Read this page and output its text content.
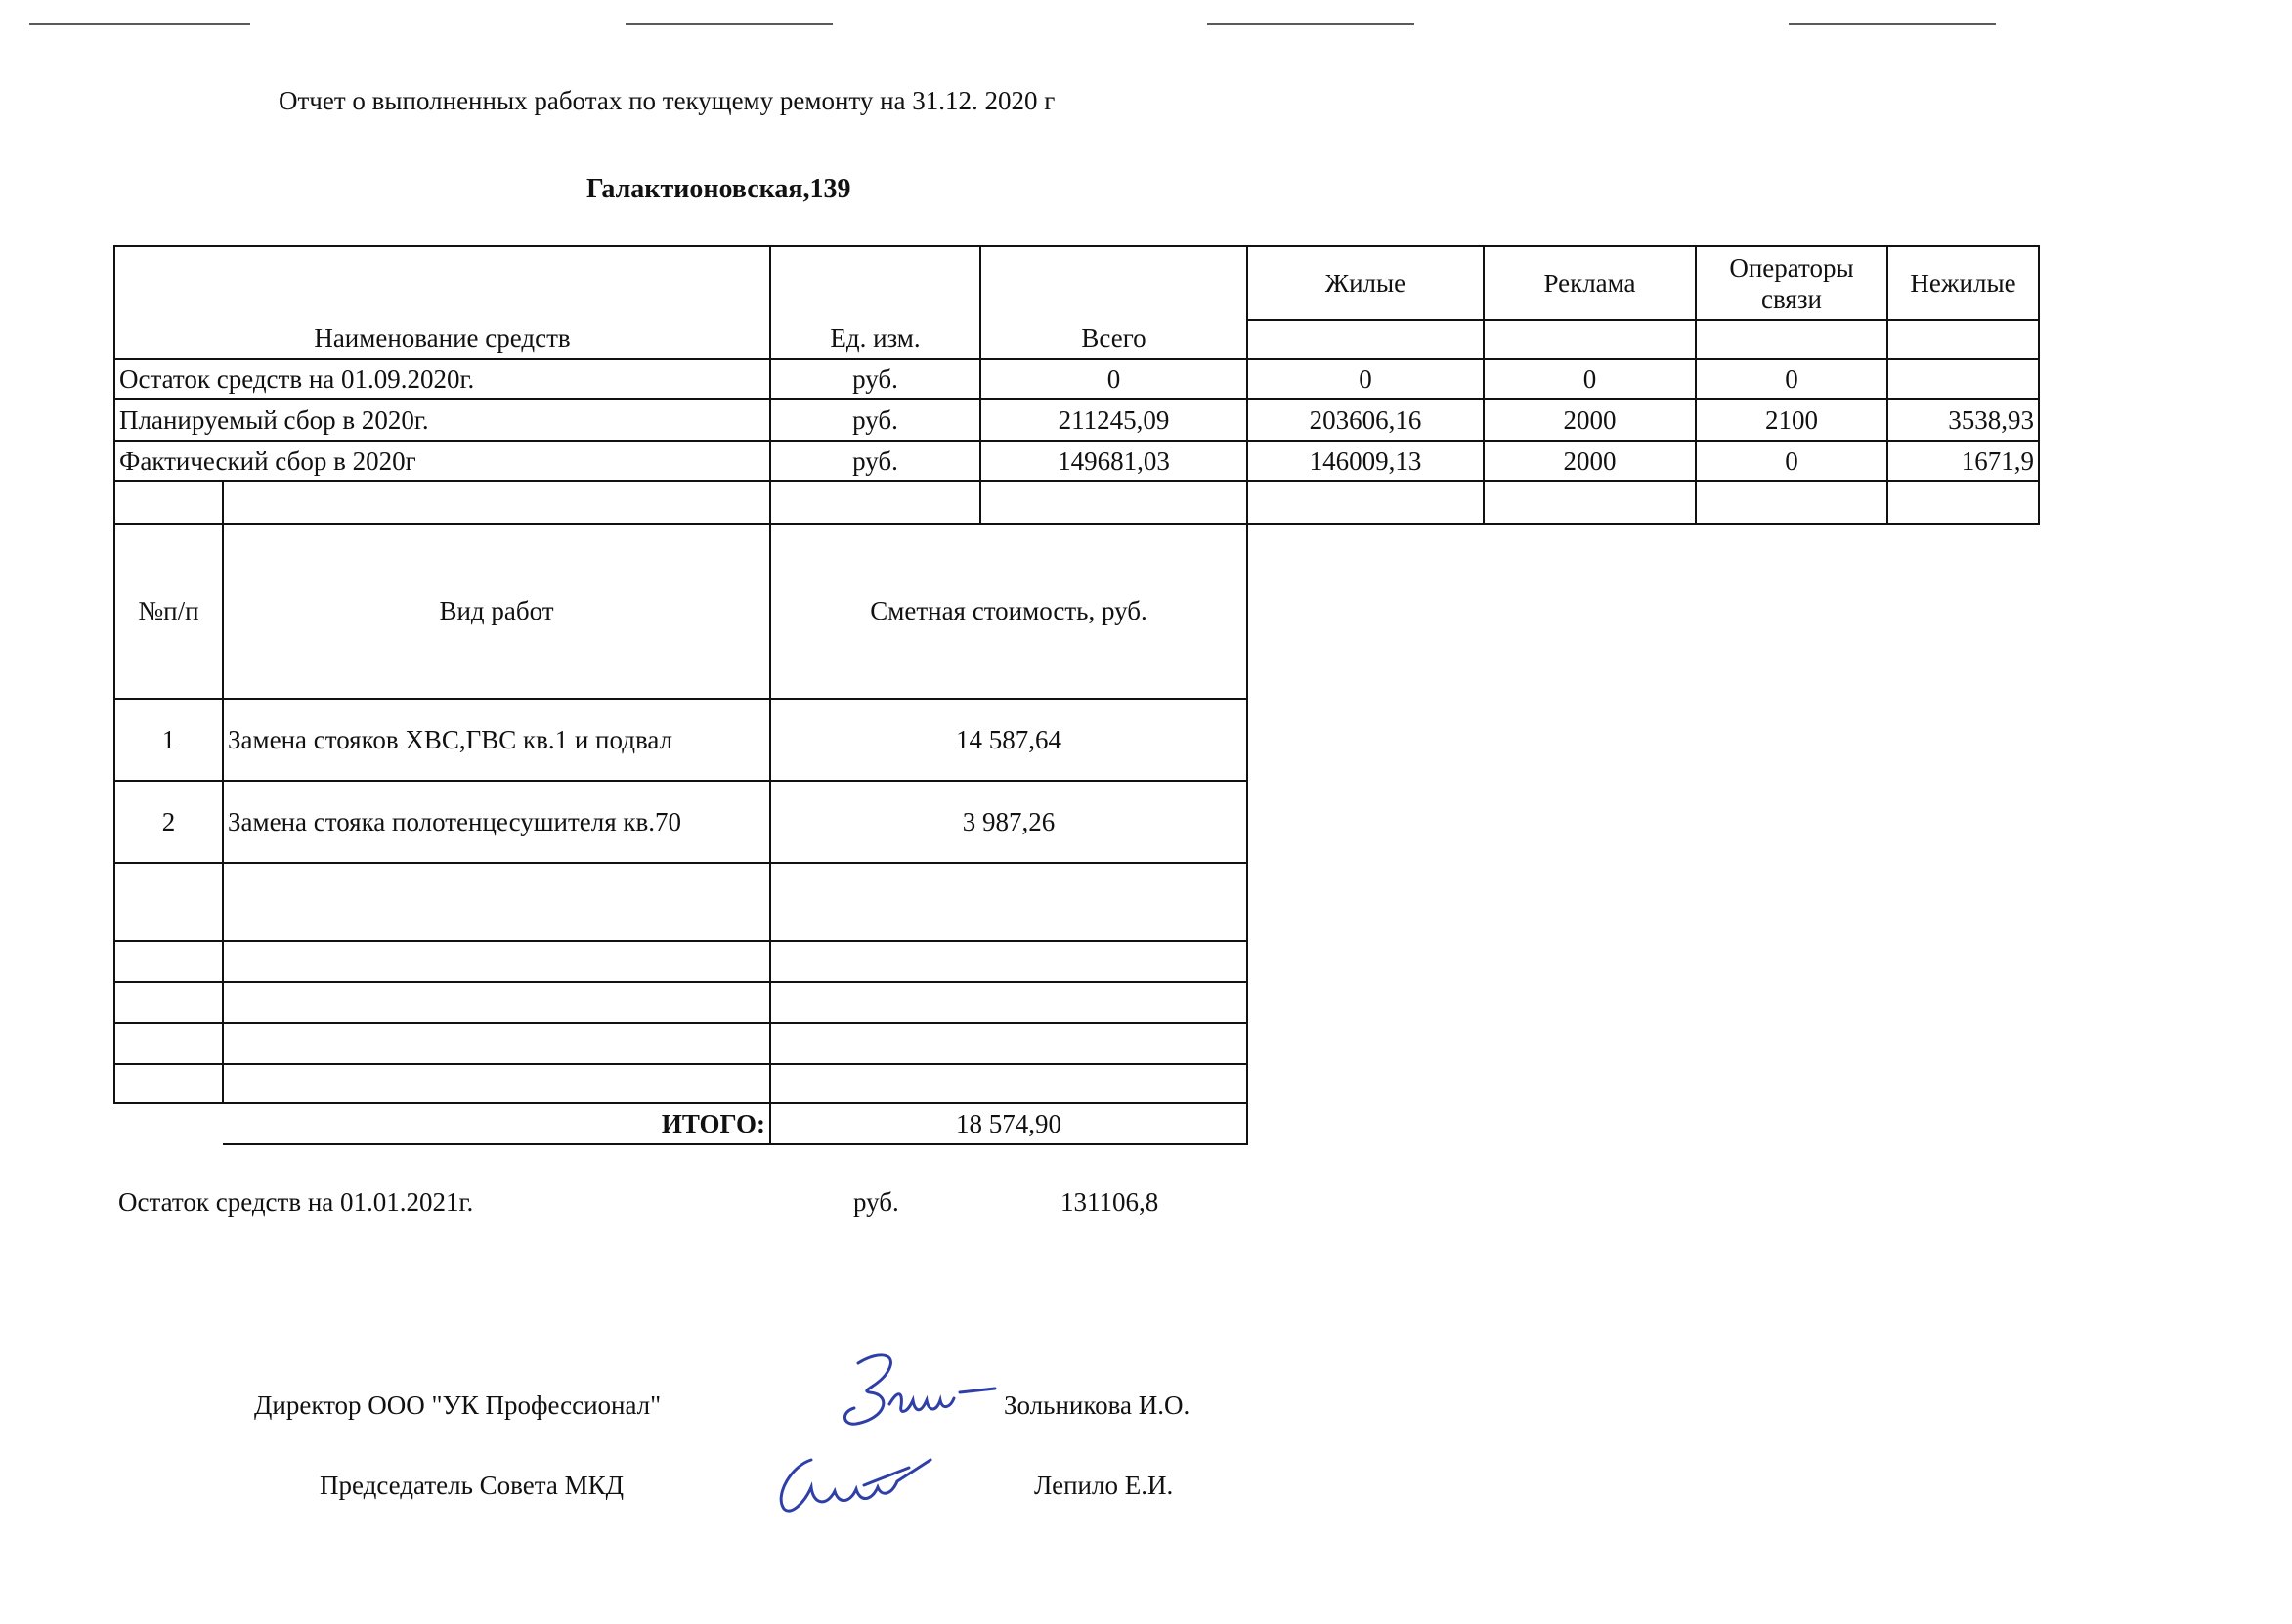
Отчет о выполненных работах по текущему ремонту на 31.12. 2020 г
Галактионовская,139
Наименование средств		Ед. изм.	Всего	Жилые	Реклама	Операторы связи	Нежилые

Остаток средств на 01.09.2020г.		руб.	0	0	0	0	
Планируемый сбор в 2020г.		руб.	211245,09	203606,16	2000	2100	3538,93
Фактический сбор в 2020г		руб.	149681,03	146009,13	2000	0	1671,9

№п/п	Вид работ	Сметная стоимость, руб.
1	Замена стояков ХВС,ГВС кв.1 и подвал	14 587,64
2	Замена стояка полотенцесушителя кв.70	3 987,26

	ИТОГО:	18 574,90
Остаток средств на 01.01.2021г.	руб.	131106,8
Директор ООО "УК Профессионал"	Зольникова И.О.
Председатель Совета МКД	Лепило Е.И.
